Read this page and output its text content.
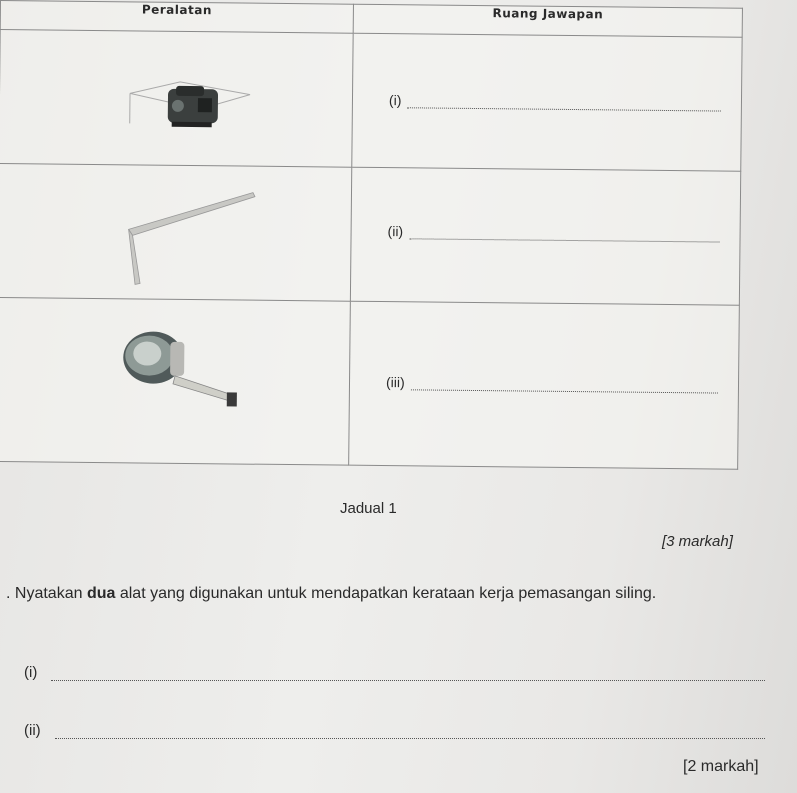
Peralatan	Ruang Jawapan

(i)

(ii)

(iii)
Jadual 1
[3 markah]
. Nyatakan dua alat yang digunakan untuk mendapatkan kerataan kerja pemasangan siling.
(i)
(ii)
[2 markah]
